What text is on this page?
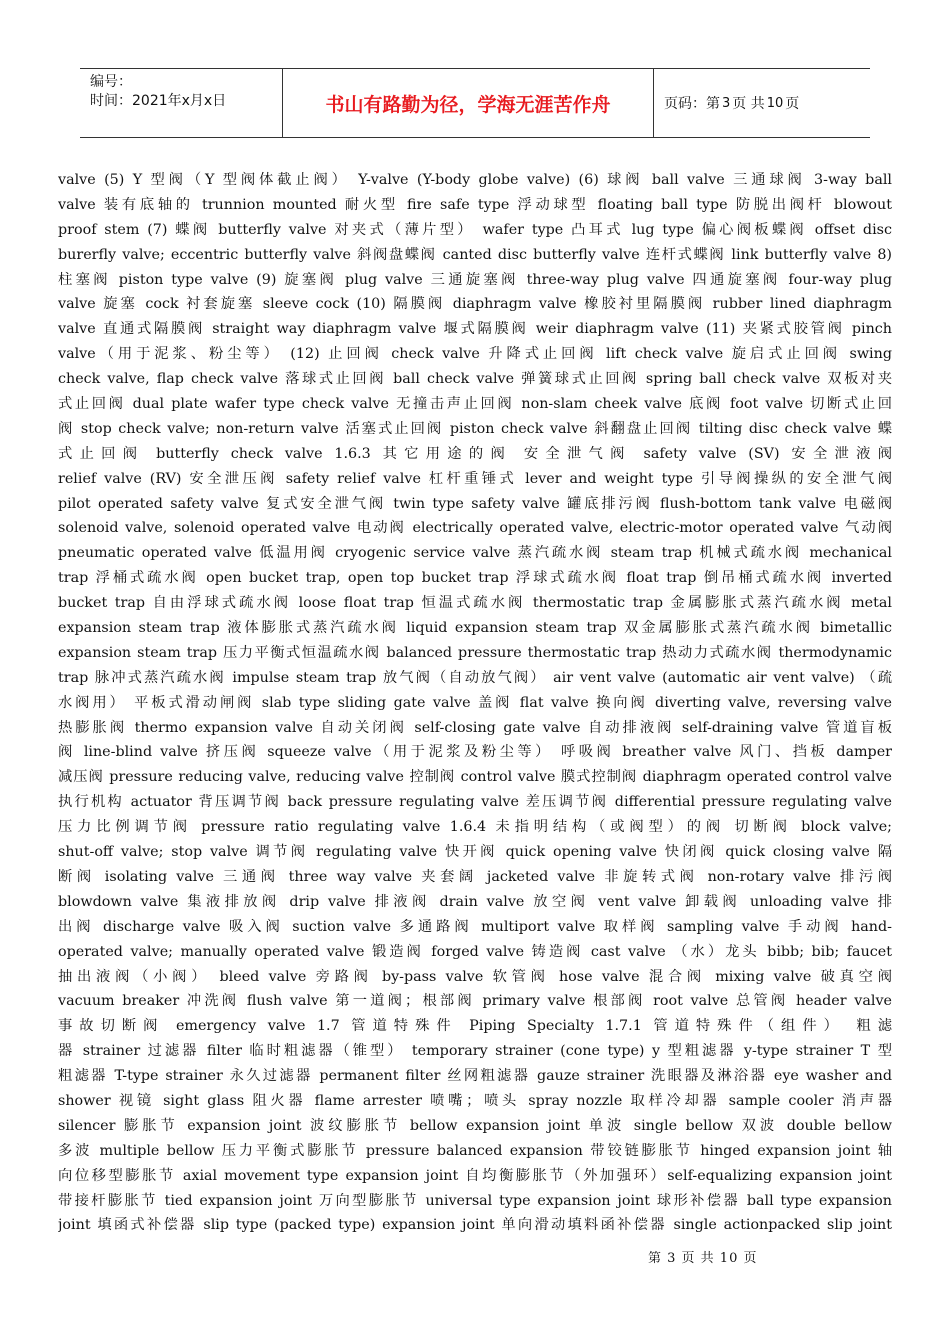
编号：
时间：2021年x月x日	书山有路勤为径，学海无涯苦作舟	页码：第 3 页 共 10 页
valve (5) Y 型阀（Y 型阀体截止阀） Y-valve (Y-body globe valve) (6) 球阀 ball valve 三通球阀 3-way ball
valve 装有底轴的 trunnion mounted 耐火型 fire safe type 浮动球型 floating ball type 防脱出阀杆 blowout
proof stem (7) 蝶阀 butterfly valve 对夹式（薄片型） wafer type 凸耳式 lug type 偏心阀板蝶阀 offset disc
burerfly valve; eccentric butterfly valve 斜阀盘蝶阀 canted disc butterfly valve 连杆式蝶阀 link butterfly valve 8)
柱塞阀 piston type valve (9) 旋塞阀 plug valve 三通旋塞阀 three-way plug valve 四通旋塞阀 four-way plug
valve 旋塞 cock 衬套旋塞 sleeve cock (10) 隔膜阀 diaphragm valve 橡胶衬里隔膜阀 rubber lined diaphragm
valve 直通式隔膜阀 straight way diaphragm valve 堰式隔膜阀 weir diaphragm valve (11) 夹紧式胶管阀 pinch
valve（用于泥浆、粉尘等） (12) 止回阀 check valve 升降式止回阀 lift check valve 旋启式止回阀 swing
check valve, flap check valve 落球式止回阀 ball check valve 弹簧球式止回阀 spring ball check valve 双板对夹
式止回阀 dual plate wafer type check valve 无撞击声止回阀 non-slam cheek valve 底阀 foot valve 切断式止回
阀 stop check valve; non-return valve 活塞式止回阀 piston check valve 斜翻盘止回阀 tilting disc check valve 蝶
式止回阀 butterfly check valve 1.6.3 其它用途的阀 安全泄气阀 safety valve (SV) 安全泄液阀
relief valve (RV) 安全泄压阀 safety relief valve 杠杆重锤式 lever and weight type 引导阀操纵的安全泄气阀
pilot operated safety valve 复式安全泄气阀 twin type safety valve 罐底排污阀 flush-bottom tank valve 电磁阀
solenoid valve, solenoid operated valve 电动阀 electrically operated valve, electric-motor operated valve 气动阀
pneumatic operated valve 低温用阀 cryogenic service valve 蒸汽疏水阀 steam trap 机械式疏水阀 mechanical
trap 浮桶式疏水阀 open bucket trap, open top bucket trap 浮球式疏水阀 float trap 倒吊桶式疏水阀 inverted
bucket trap 自由浮球式疏水阀 loose float trap 恒温式疏水阀 thermostatic trap 金属膨胀式蒸汽疏水阀 metal
expansion steam trap 液体膨胀式蒸汽疏水阀 liquid expansion steam trap 双金属膨胀式蒸汽疏水阀 bimetallic
expansion steam trap 压力平衡式恒温疏水阀 balanced pressure thermostatic trap 热动力式疏水阀 thermodynamic
trap 脉冲式蒸汽疏水阀 impulse steam trap 放气阀（自动放气阀） air vent valve (automatic air vent valve) （疏
水阀用） 平板式滑动闸阀 slab type sliding gate valve 盖阀 flat valve 换向阀 diverting valve, reversing valve
热膨胀阀 thermo expansion valve 自动关闭阀 self-closing gate valve 自动排液阀 self-draining valve 管道盲板
阀 line-blind valve 挤压阀 squeeze valve（用于泥浆及粉尘等） 呼吸阀 breather valve 风门、挡板 damper
减压阀 pressure reducing valve, reducing valve 控制阀 control valve 膜式控制阀 diaphragm operated control valve
执行机构 actuator 背压调节阀 back pressure regulating valve 差压调节阀 differential pressure regulating valve
压力比例调节阀 pressure ratio regulating valve 1.6.4 未指明结构（或阀型）的阀 切断阀 block valve;
shut-off valve; stop valve 调节阀 regulating valve 快开阀 quick opening valve 快闭阀 quick closing valve 隔
断阀 isolating valve 三通阀 three way valve 夹套阔 jacketed valve 非旋转式阀 non-rotary valve 排污阀
blowdown valve 集液排放阀 drip valve 排液阀 drain valve 放空阀 vent valve 卸载阀 unloading valve 排
出阀 discharge valve 吸入阀 suction valve 多通路阀 multiport valve 取样阀 sampling valve 手动阀 hand-
operated valve; manually operated valve 锻造阀 forged valve 铸造阀 cast valve （水）龙头 bibb; bib; faucet
抽出液阀（小阀） bleed valve 旁路阀 by-pass valve 软管阀 hose valve 混合阀 mixing valve 破真空阀
vacuum breaker 冲洗阀 flush valve 第一道阀；根部阀 primary valve 根部阀 root valve 总管阀 header valve
事故切断阀 emergency valve 1.7 管道特殊件 Piping Specialty 1.7.1 管道特殊件（组件） 粗滤
器 strainer 过滤器 filter 临时粗滤器（锥型） temporary strainer (cone type) y 型粗滤器 y-type strainer T 型
粗滤器 T-type strainer 永久过滤器 permanent filter 丝网粗滤器 gauze strainer 洗眼器及淋浴器 eye washer and
shower 视镜 sight glass 阻火器 flame arrester 喷嘴；喷头 spray nozzle 取样冷却器 sample cooler 消声器
silencer 膨胀节 expansion joint 波纹膨胀节 bellow expansion joint 单波 single bellow 双波 double bellow
多波 multiple bellow 压力平衡式膨胀节 pressure balanced expansion 带铰链膨胀节 hinged expansion joint 轴
向位移型膨胀节 axial movement type expansion joint 自均衡膨胀节（外加强环）self-equalizing expansion joint
带接杆膨胀节 tied expansion joint 万向型膨胀节 universal type expansion joint 球形补偿器 ball type expansion
joint 填函式补偿器 slip type (packed type) expansion joint 单向滑动填料函补偿器 single actionpacked slip joint
第 3 页 共 10 页
